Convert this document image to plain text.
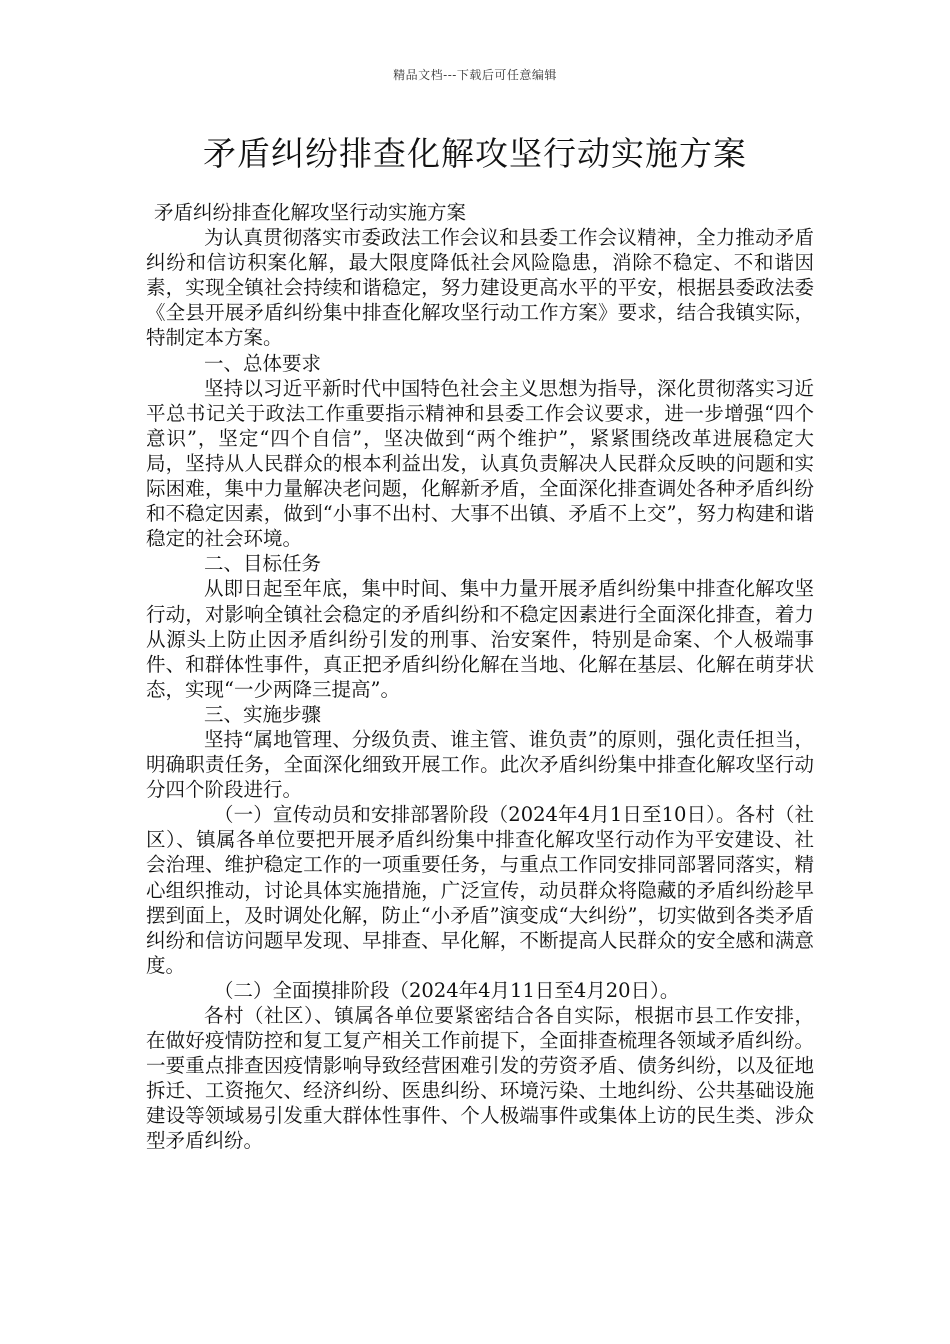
精品文档---下载后可任意编辑
矛盾纠纷排查化解攻坚行动实施方案

矛盾纠纷排查化解攻坚行动实施方案

为认真贯彻落实市委政法工作会议和县委工作会议精神，全力推动矛盾纠纷和信访积案化解，最大限度降低社会风险隐患，消除不稳定、不和谐因素，实现全镇社会持续和谐稳定，努力建设更高水平的平安，根据县委政法委《全县开展矛盾纠纷集中排查化解攻坚行动工作方案》要求，结合我镇实际，特制定本方案。

一、总体要求

坚持以习近平新时代中国特色社会主义思想为指导，深化贯彻落实习近平总书记关于政法工作重要指示精神和县委工作会议要求，进一步增强“四个意识”，坚定“四个自信”，坚决做到“两个维护”，紧紧围绕改革进展稳定大局，坚持从人民群众的根本利益出发，认真负责解决人民群众反映的问题和实际困难，集中力量解决老问题，化解新矛盾，全面深化排查调处各种矛盾纠纷和不稳定因素，做到“小事不出村、大事不出镇、矛盾不上交”，努力构建和谐稳定的社会环境。

二、目标任务

从即日起至年底，集中时间、集中力量开展矛盾纠纷集中排查化解攻坚行动，对影响全镇社会稳定的矛盾纠纷和不稳定因素进行全面深化排查，着力从源头上防止因矛盾纠纷引发的刑事、治安案件，特别是命案、个人极端事件、和群体性事件，真正把矛盾纠纷化解在当地、化解在基层、化解在萌芽状态，实现“一少两降三提高”。

三、实施步骤

坚持“属地管理、分级负责、谁主管、谁负责”的原则，强化责任担当，明确职责任务，全面深化细致开展工作。此次矛盾纠纷集中排查化解攻坚行动分四个阶段进行。

（一）宣传动员和安排部署阶段（2024年4月1日至10日）。各村（社区）、镇属各单位要把开展矛盾纠纷集中排查化解攻坚行动作为平安建设、社会治理、维护稳定工作的一项重要任务，与重点工作同安排同部署同落实，精心组织推动，讨论具体实施措施，广泛宣传，动员群众将隐藏的矛盾纠纷趁早摆到面上，及时调处化解，防止“小矛盾”演变成“大纠纷”，切实做到各类矛盾纠纷和信访问题早发现、早排查、早化解，不断提高人民群众的安全感和满意度。

（二）全面摸排阶段（2024年4月11日至4月20日）。

各村（社区）、镇属各单位要紧密结合各自实际，根据市县工作安排，在做好疫情防控和复工复产相关工作前提下，全面排查梳理各领域矛盾纠纷。一要重点排查因疫情影响导致经营困难引发的劳资矛盾、债务纠纷，以及征地拆迁、工资拖欠、经济纠纷、医患纠纷、环境污染、土地纠纷、公共基础设施建设等领域易引发重大群体性事件、个人极端事件或集体上访的民生类、涉众型矛盾纠纷。
